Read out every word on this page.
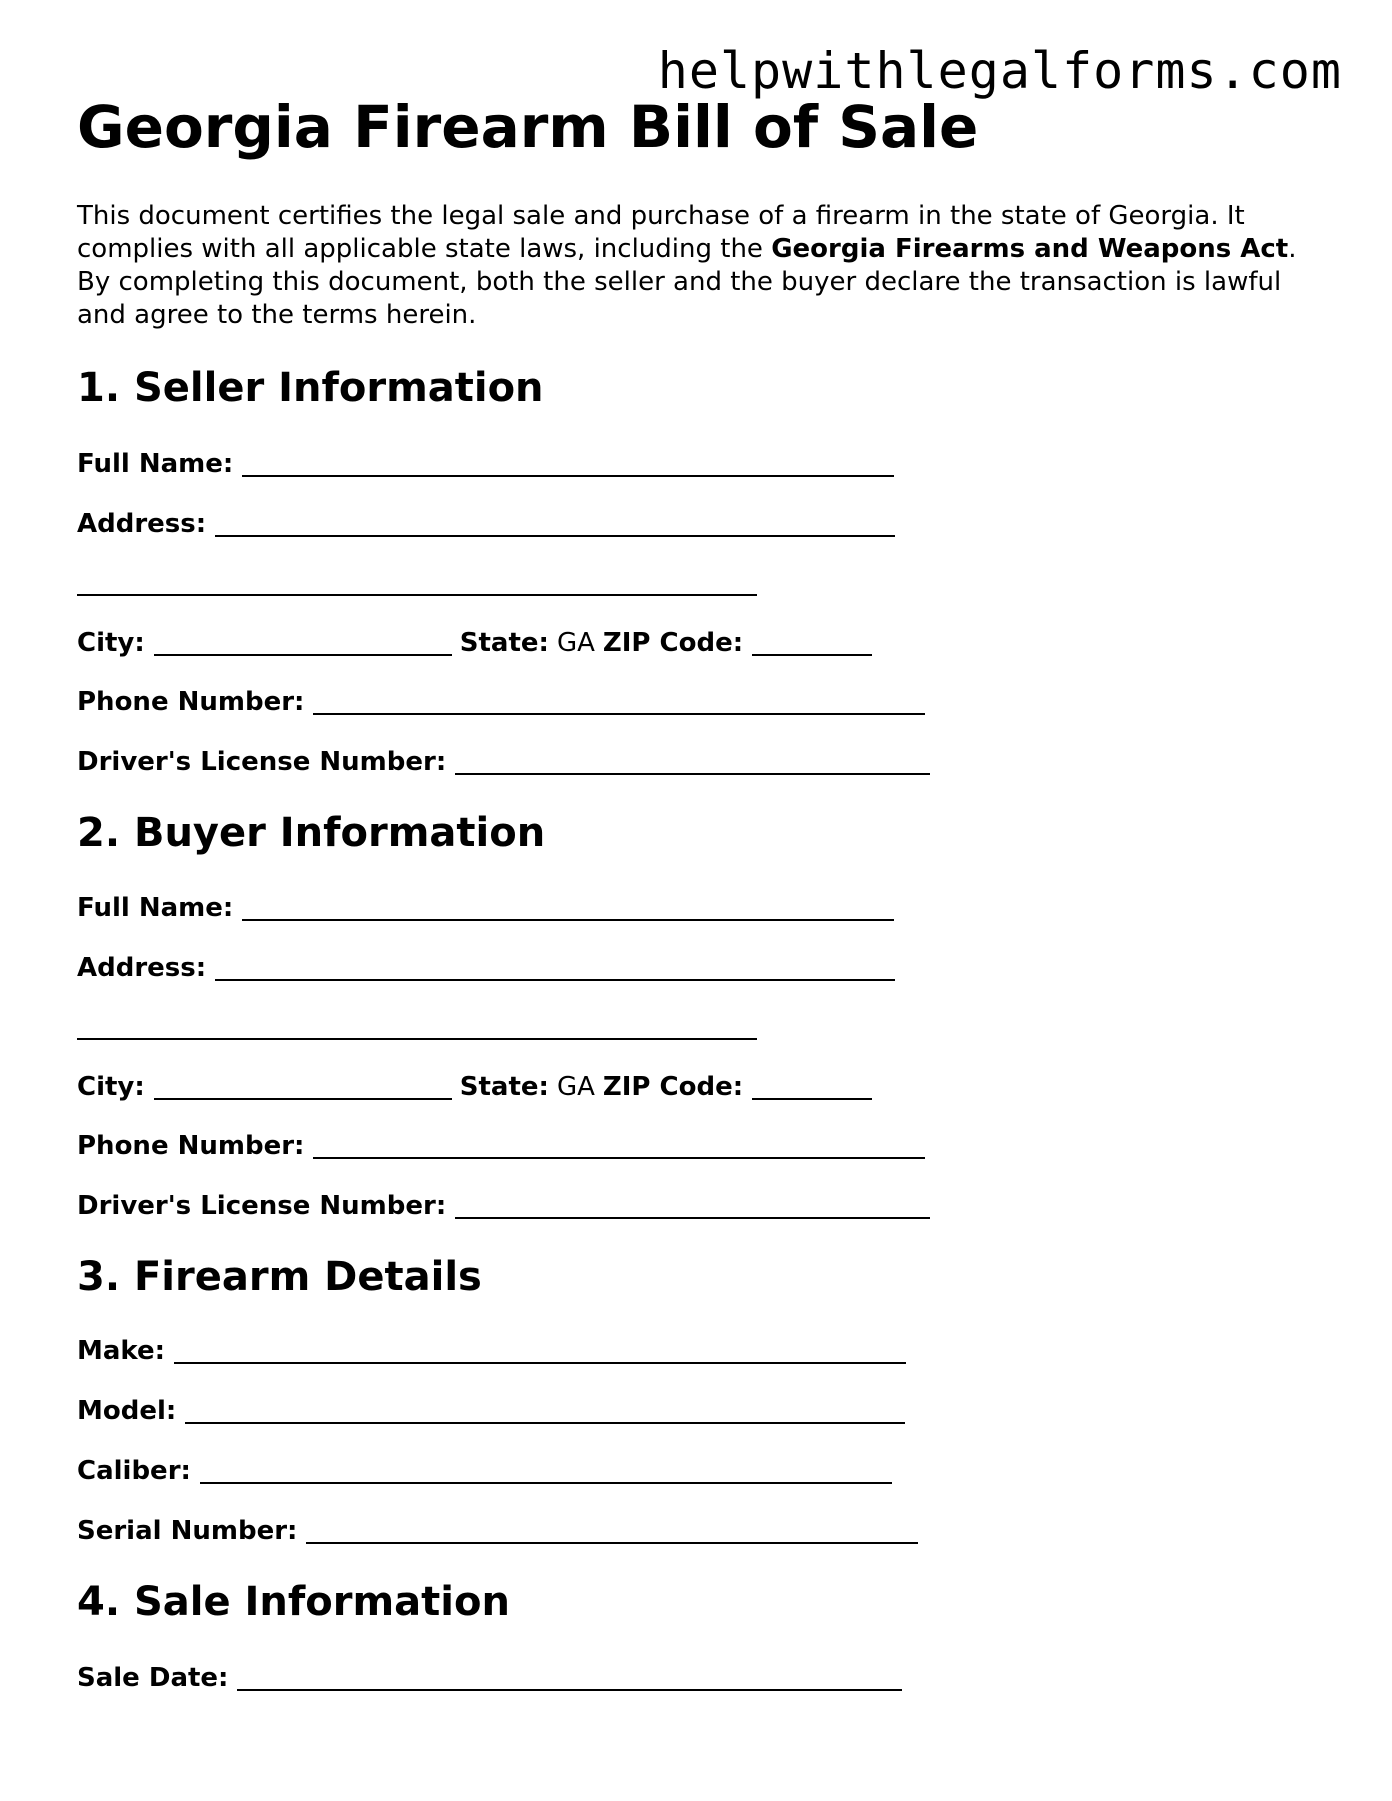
helpwithlegalforms.com
Georgia Firearm Bill of Sale

This document certifies the legal sale and purchase of a firearm in the state of Georgia. It complies with all applicable state laws, including the Georgia Firearms and Weapons Act. By completing this document, both the seller and the buyer declare the transaction is lawful and agree to the terms herein.

1. Seller Information
Full Name:
Address:
City:	State: GA ZIP Code:
Phone Number:
Driver's License Number:
2. Buyer Information
Full Name:
Address:
City:	State: GA ZIP Code:
Phone Number:
Driver's License Number:
3. Firearm Details
Make:
Model:
Caliber:
Serial Number:
4. Sale Information
Sale Date:
